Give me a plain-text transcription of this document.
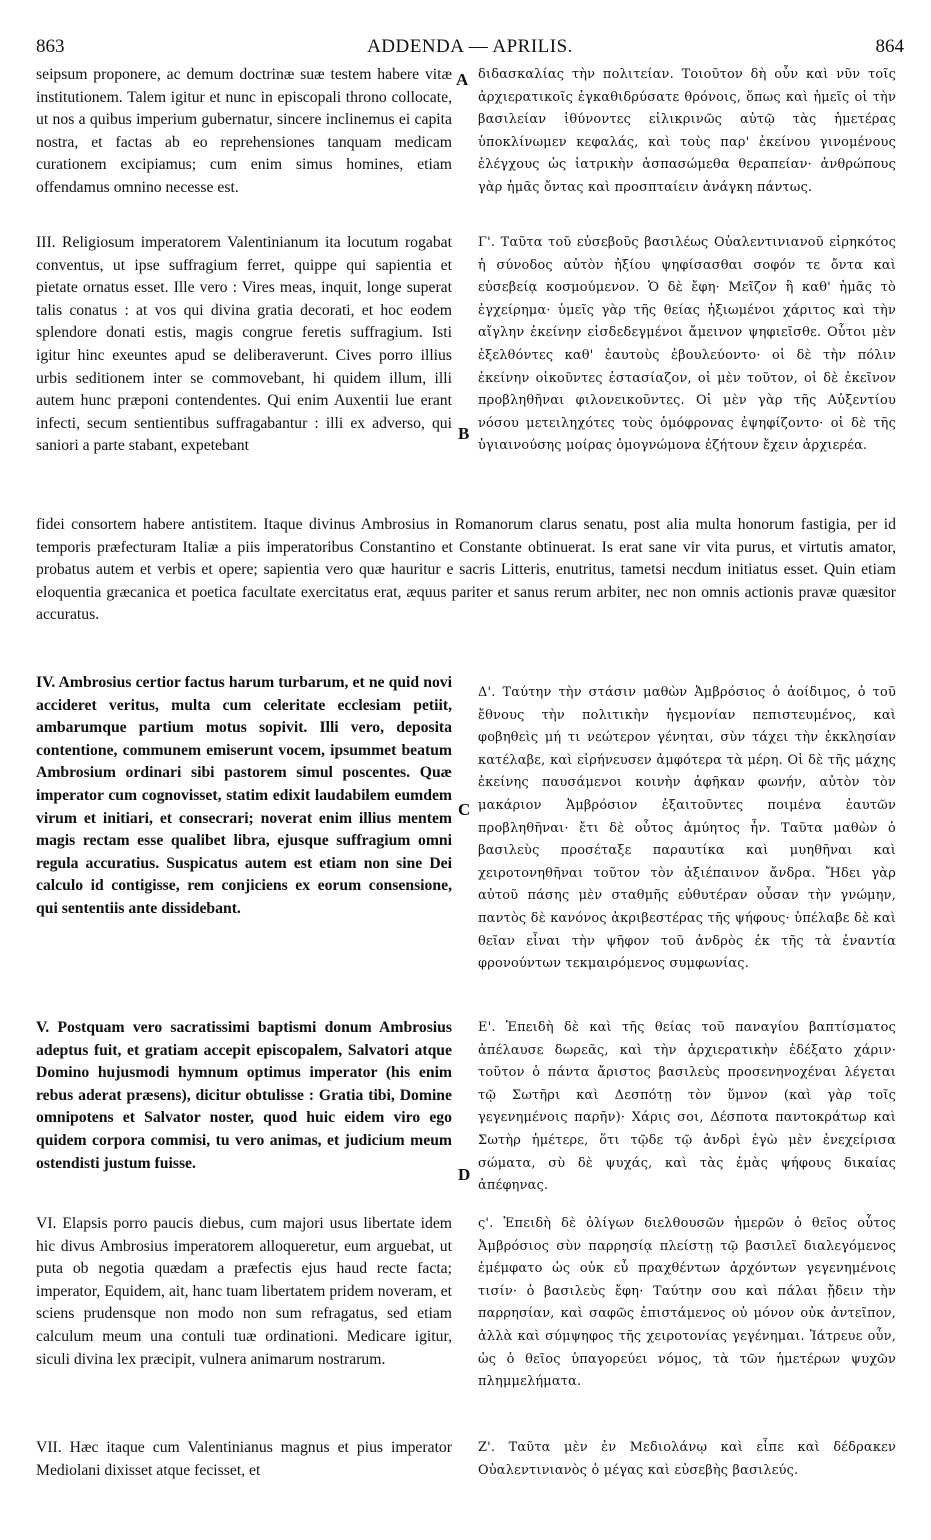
863	ADDENDA — APRILIS.	864

seipsum proponere, ac demum doctrinæ suæ testem habere vitæ institutionem. Talem igitur et nunc in episcopali throno collocate, ut nos a quibus imperium gubernatur, sincere inclinemus ei capita nostra, et factas ab eo reprehensiones tanquam medicam curationem excipiamus; cum enim simus homines, etiam offendamus omnino necesse est.

III. Religiosum imperatorem Valentinianum ita locutum rogabat conventus, ut ipse suffragium ferret, quippe qui sapientia et pietate ornatus esset. Ille vero : Vires meas, inquit, longe superat talis conatus : at vos qui divina gratia decorati, et hoc eodem splendore donati estis, magis congrue feretis suffragium. Isti igitur hinc exeuntes apud se deliberaverunt. Cives porro illius urbis seditionem inter se commovebant, hi quidem illum, illi autem hunc præponi contendentes. Qui enim Auxentii lue erant infecti, secum sentientibus suffragabantur : illi ex adverso, qui saniori a parte stabant, expetebant

fidei consortem habere antistitem. Itaque divinus Ambrosius in Romanorum clarus senatu, post alia multa honorum fastigia, per id temporis præfecturam Italiæ a piis imperatoribus Constantino et Constante obtinuerat. Is erat sane vir vita purus, et virtutis amator, probatus autem et verbis et opere; sapientia vero quæ hauritur e sacris Litteris, enutritus, tametsi necdum initiatus esset. Quin etiam eloquentia græcanica et poetica facultate exercitatus erat, æquus pariter et sanus rerum arbiter, nec non omnis actionis pravæ quæsitor accuratus.

IV. Ambrosius certior factus harum turbarum, et ne quid novi accideret veritus, multa cum celeritate ecclesiam petiit, ambarumque partium motus sopivit. Illi vero, deposita contentione, communem emiserunt vocem, ipsummet beatum Ambrosium ordinari sibi pastorem simul poscentes. Quæ imperator cum cognovisset, statim edixit laudabilem eumdem virum et initiari, et consecrari; noverat enim illius mentem magis rectam esse qualibet libra, ejusque suffragium omni regula accuratius. Suspicatus autem est etiam non sine Dei calculo id contigisse, rem conjiciens ex eorum consensione, qui sententiis ante dissidebant.

V. Postquam vero sacratissimi baptismi donum Ambrosius adeptus fuit, et gratiam accepit episcopalem, Salvatori atque Domino hujusmodi hymnum optimus imperator (his enim rebus aderat præsens), dicitur obtulisse : Gratia tibi, Domine omnipotens et Salvator noster, quod huic eidem viro ego quidem corpora commisi, tu vero animas, et judicium meum ostendisti justum fuisse.

VI. Elapsis porro paucis diebus, cum majori usus libertate idem hic divus Ambrosius imperatorem alloqueretur, eum arguebat, ut puta ob negotia quædam a præfectis ejus haud recte facta; imperator, Equidem, ait, hanc tuam libertatem pridem noveram, et sciens prudensque non modo non sum refragatus, sed etiam calculum meum una contuli tuæ ordinationi. Medicare igitur, siculi divina lex præcipit, vulnera animarum nostrarum.

VII. Hæc itaque cum Valentinianus magnus et pius imperator Mediolani dixisset atque fecisset, et

A
B
C
D

διδασκαλίας τὴν πολιτείαν. Τοιοῦτον δὴ οὖν καὶ νῦν τοῖς ἀρχιερατικοῖς ἐγκαθιδρύσατε θρόνοις, ὅπως καὶ ἡμεῖς οἱ τὴν βασιλείαν ἰθύνοντες εἰλικρινῶς αὐτῷ τὰς ἡμετέρας ὑποκλίνωμεν κεφαλάς, καὶ τοὺς παρ' ἐκείνου γινομένους ἐλέγχους ὡς ἰατρικὴν ἀσπασώμεθα θεραπείαν· ἀνθρώπους γὰρ ἡμᾶς ὄντας καὶ προσπταίειν ἀνάγκη πάντως.

Γ'. Ταῦτα τοῦ εὐσεβοῦς βασιλέως Οὐαλεντινιανοῦ εἰρηκότος ἡ σύνοδος αὐτὸν ἠξίου ψηφίσασθαι σοφόν τε ὄντα καὶ εὐσεβείᾳ κοσμούμενον. Ὁ δὲ ἔφη· Μεῖζον ἢ καθ' ἡμᾶς τὸ ἐγχείρημα· ὑμεῖς γὰρ τῆς θείας ἠξιωμένοι χάριτος καὶ τὴν αἴγλην ἐκείνην εἰσδεδεγμένοι ἄμεινον ψηφιεῖσθε. Οὗτοι μὲν ἐξελθόντες καθ' ἑαυτοὺς ἐβουλεύοντο· οἱ δὲ τὴν πόλιν ἐκείνην οἰκοῦντες ἐστασίαζον, οἱ μὲν τοῦτον, οἱ δὲ ἐκεῖνον προβληθῆναι φιλονεικοῦντες. Οἱ μὲν γὰρ τῆς Αὐξεντίου νόσου μετειληχότες τοὺς ὁμόφρονας ἐψηφίζοντο· οἱ δὲ τῆς ὑγιαινούσης μοίρας ὁμογνώμονα ἐζήτουν ἔχειν ἀρχιερέα.

Δ'. Ταύτην τὴν στάσιν μαθὼν Ἀμβρόσιος ὁ ἀοίδιμος, ὁ τοῦ ἔθνους τὴν πολιτικὴν ἡγεμονίαν πεπιστευμένος, καὶ φοβηθεὶς μή τι νεώτερον γένηται, σὺν τάχει τὴν ἐκκλησίαν κατέλαβε, καὶ εἰρήνευσεν ἀμφότερα τὰ μέρη. Οἱ δὲ τῆς μάχης ἐκείνης παυσάμενοι κοινὴν ἀφῆκαν φωνήν, αὐτὸν τὸν μακάριον Ἀμβρόσιον ἐξαιτοῦντες ποιμένα ἑαυτῶν προβληθῆναι· ἔτι δὲ οὗτος ἀμύητος ἦν. Ταῦτα μαθὼν ὁ βασιλεὺς προσέταξε παραυτίκα καὶ μυηθῆναι καὶ χειροτονηθῆναι τοῦτον τὸν ἀξιέπαινον ἄνδρα. Ἤδει γὰρ αὐτοῦ πάσης μὲν σταθμῆς εὐθυτέραν οὖσαν τὴν γνώμην, παντὸς δὲ κανόνος ἀκριβεστέρας τῆς ψήφους· ὑπέλαβε δὲ καὶ θεῖαν εἶναι τὴν ψῆφον τοῦ ἀνδρὸς ἐκ τῆς τὰ ἐναντία φρονούντων τεκμαιρόμενος συμφωνίας.

Ε'. Ἐπειδὴ δὲ καὶ τῆς θείας τοῦ παναγίου βαπτίσματος ἀπέλαυσε δωρεᾶς, καὶ τὴν ἀρχιερατικὴν ἐδέξατο χάριν· τοῦτον ὁ πάντα ἄριστος βασιλεὺς προσενηνοχέναι λέγεται τῷ Σωτῆρι καὶ Δεσπότῃ τὸν ὕμνον (καὶ γὰρ τοῖς γεγενημένοις παρῆν)· Χάρις σοι, Δέσποτα παντοκράτωρ καὶ Σωτὴρ ἡμέτερε, ὅτι τῷδε τῷ ἀνδρὶ ἐγὼ μὲν ἐνεχείρισα σώματα, σὺ δὲ ψυχάς, καὶ τὰς ἐμὰς ψήφους δικαίας ἀπέφηνας.

ς'. Ἐπειδὴ δὲ ὀλίγων διελθουσῶν ἡμερῶν ὁ θεῖος οὗτος Ἀμβρόσιος σὺν παρρησίᾳ πλείστῃ τῷ βασιλεῖ διαλεγόμενος ἐμέμφατο ὡς οὐκ εὖ πραχθέντων ἀρχόντων γεγενημένοις τισίν· ὁ βασιλεὺς ἔφη· Ταύτην σου καὶ πάλαι ᾔδειν τὴν παρρησίαν, καὶ σαφῶς ἐπιστάμενος οὐ μόνον οὐκ ἀντεῖπον, ἀλλὰ καὶ σύμψηφος τῆς χειροτονίας γεγένημαι. Ἰάτρευε οὖν, ὡς ὁ θεῖος ὑπαγορεύει νόμος, τὰ τῶν ἡμετέρων ψυχῶν πλημμελήματα.

Ζ'. Ταῦτα μὲν ἐν Μεδιολάνῳ καὶ εἶπε καὶ δέδρακεν Οὐαλεντινιανὸς ὁ μέγας καὶ εὐσεβὴς βασιλεύς.
